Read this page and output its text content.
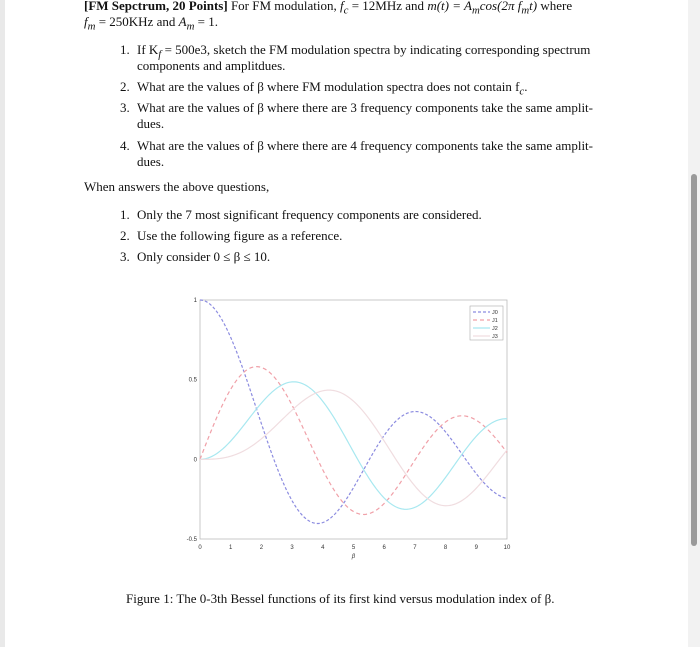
[FM Sepctrum, 20 Points] For FM modulation, $f_c = 12MHz$ and $m(t) = A_m\cos(2\pi$ $f_mt$) where
$f_m = 250KHz$ and $A_m = 1$.
1. If $K_f = 500e3$, sketch the FM modulation spectra by indicating corresponding spectrum
components and amplitdues.
2. What are the values of β where FM modulation spectra does not contain $f_c$.
3. What are the values of β where there are 3 frequency components take the same amplit-
dues.
4. What are the values of β where there are 4 frequency components take the same amplit-
dues.
When answers the above questions,
1. Only the 7 most significant frequency components are considered.
2. Use the following figure as a reference.
3. Only consider 0 ≤ β ≤ 10.
0	1	2	3	4	5	6	7	8	9	10
-0.5
0
0.5
1
β
J0
J1
J2
J3
Figure 1: The 0-3th Bessel functions of its first kind versus modulation index of β.
